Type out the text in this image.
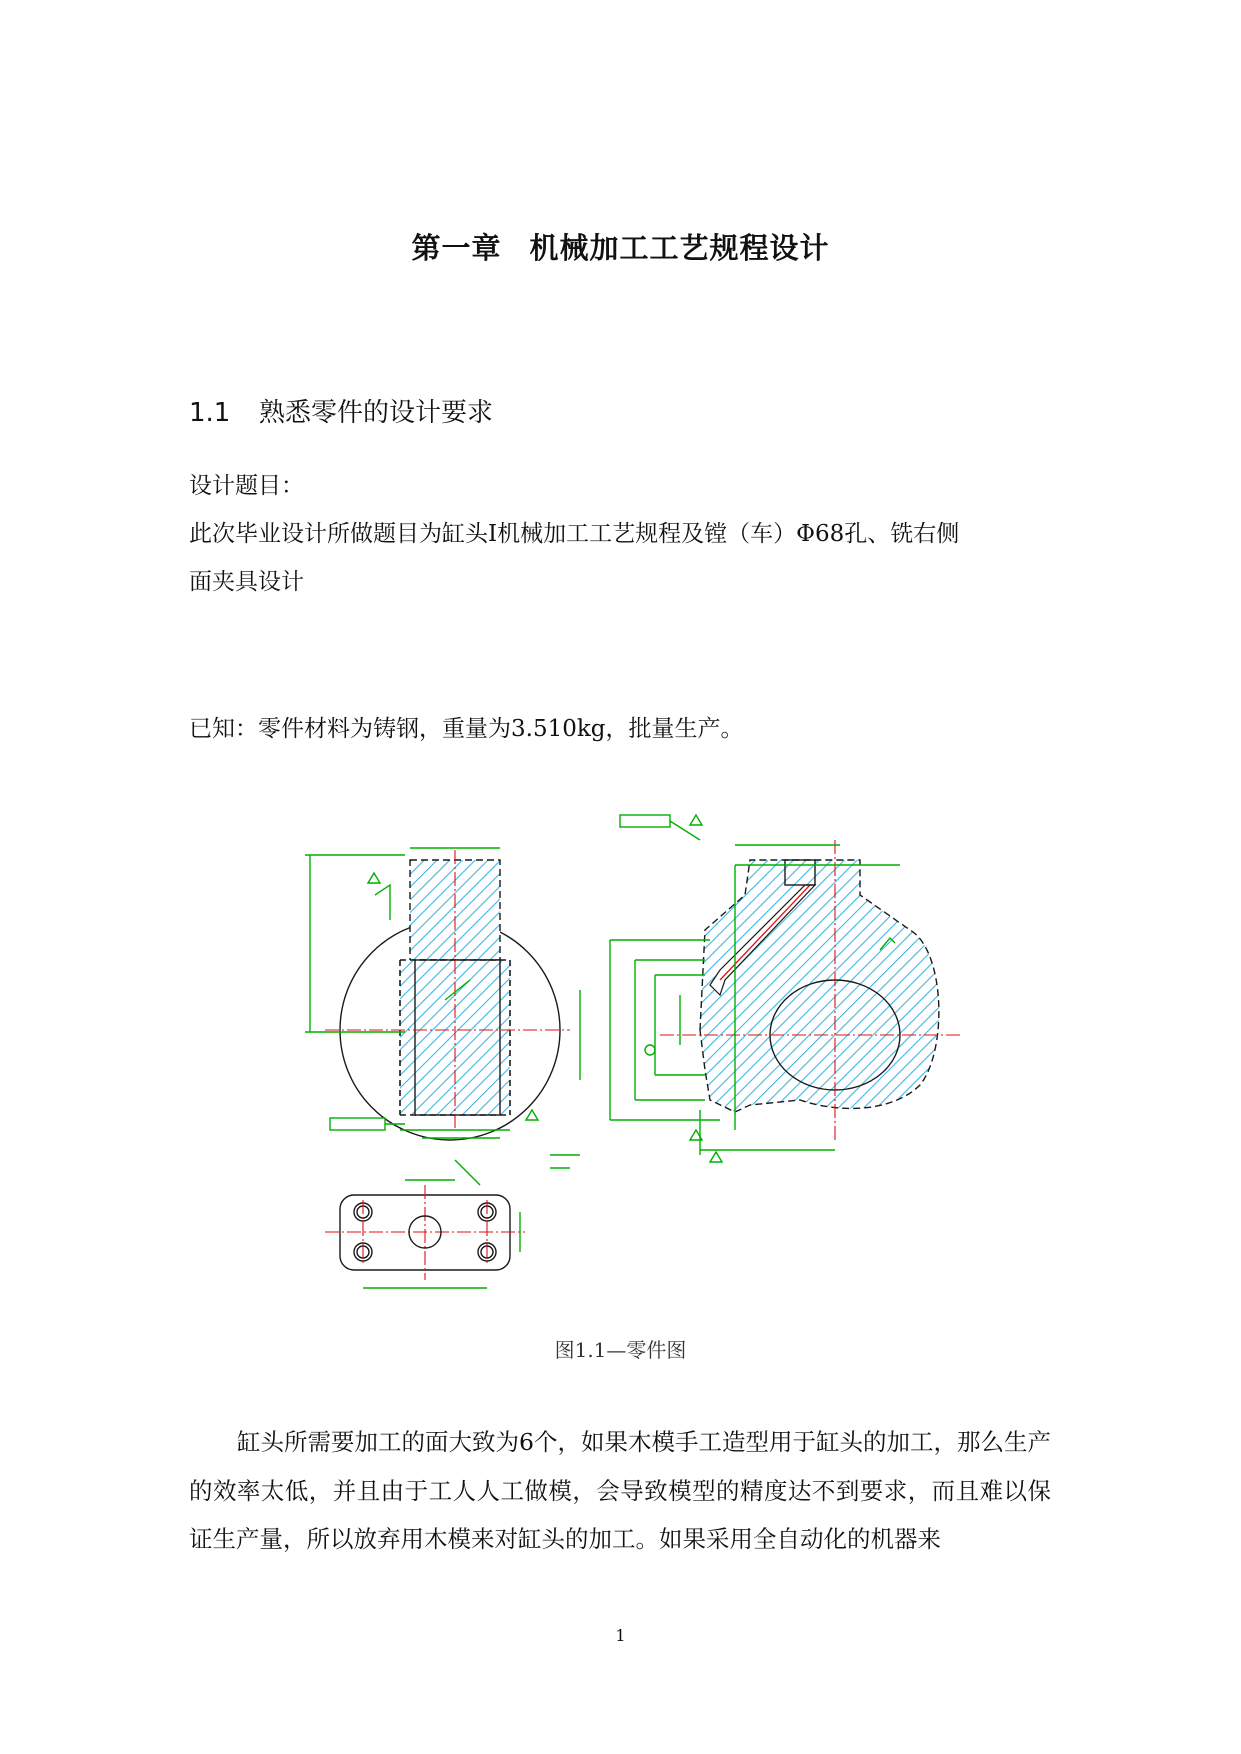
第一章 机械加工工艺规程设计
1.1 熟悉零件的设计要求
设计题目：
此次毕业设计所做题目为缸头Ⅰ机械加工工艺规程及镗（车）Φ68孔、铣右侧
面夹具设计
已知：零件材料为铸钢，重量为3.510kg，批量生产。
图1.1—零件图
缸头所需要加工的面大致为6个，如果木模手工造型用于缸头的加工，那么生产的效率太低，并且由于工人人工做模，会导致模型的精度达不到要求，而且难以保证生产量，所以放弃用木模来对缸头的加工。如果采用全自动化的机器来
1
